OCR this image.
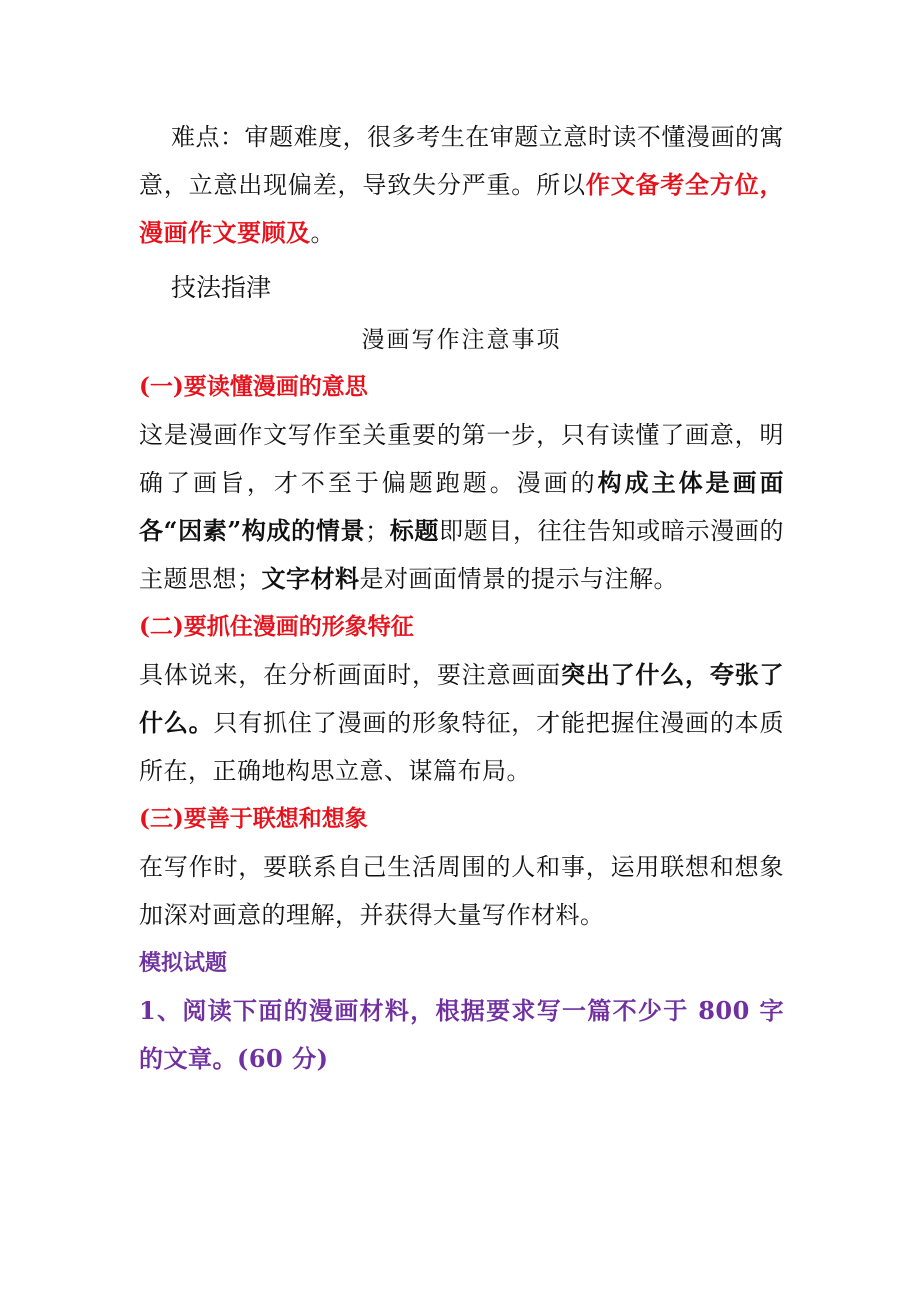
难点：审题难度，很多考生在审题立意时读不懂漫画的寓意，立意出现偏差，导致失分严重。所以作文备考全方位，漫画作文要顾及。

技法指津

漫画写作注意事项

(一)要读懂漫画的意思

这是漫画作文写作至关重要的第一步，只有读懂了画意，明确了画旨，才不至于偏题跑题。漫画的构成主体是画面各“因素”构成的情景；标题即题目，往往告知或暗示漫画的主题思想；文字材料是对画面情景的提示与注解。

(二)要抓住漫画的形象特征

具体说来，在分析画面时，要注意画面突出了什么，夸张了什么。只有抓住了漫画的形象特征，才能把握住漫画的本质所在，正确地构思立意、谋篇布局。

(三)要善于联想和想象

在写作时，要联系自己生活周围的人和事，运用联想和想象加深对画意的理解，并获得大量写作材料。

模拟试题

1、阅读下面的漫画材料，根据要求写一篇不少于 800 字的文章。(60 分)
